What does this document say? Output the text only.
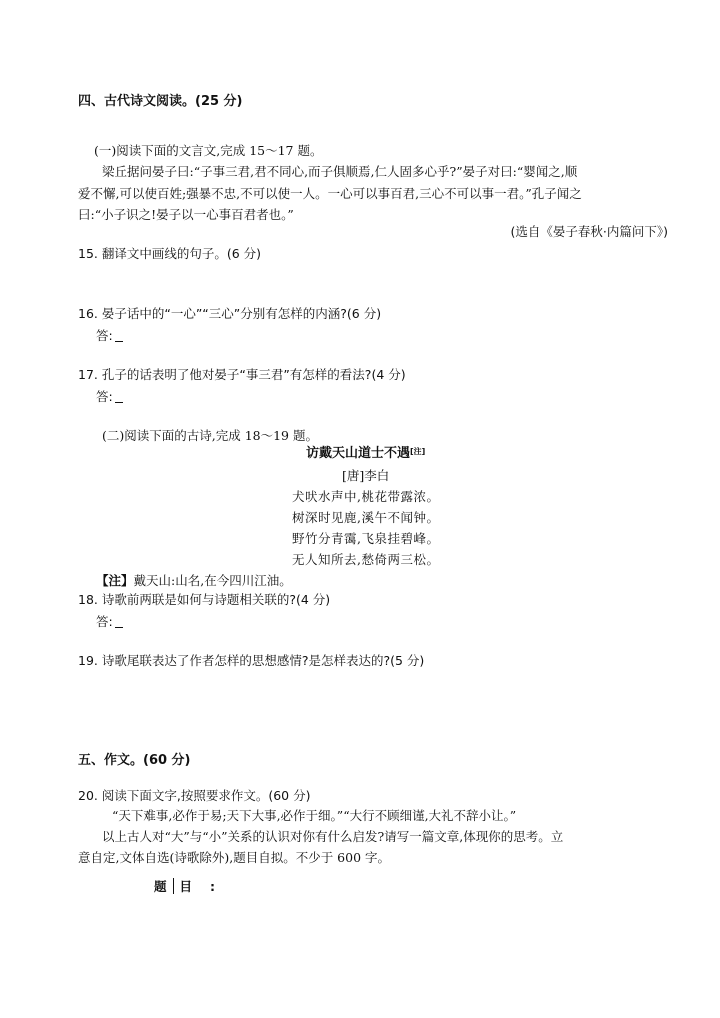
四、古代诗文阅读。(25 分)
(一)阅读下面的文言文,完成 15～17 题。
梁丘据问晏子曰:“子事三君,君不同心,而子俱顺焉,仁人固多心乎?”晏子对曰:“婴闻之,顺
爱不懈,可以使百姓;强暴不忠,不可以使一人。一心可以事百君,三心不可以事一君。”孔子闻之
曰:“小子识之!晏子以一心事百君者也。”
(选自《晏子春秋·内篇问下》)
15. 翻译文中画线的句子。(6 分)
16. 晏子话中的“一心”“三心”分别有怎样的内涵?(6 分)
答:
17. 孔子的话表明了他对晏子“事三君”有怎样的看法?(4 分)
答:
(二)阅读下面的古诗,完成 18～19 题。
访戴天山道士不遇[注]
[唐]李白
犬吠水声中,桃花带露浓。
树深时见鹿,溪午不闻钟。
野竹分青霭,飞泉挂碧峰。
无人知所去,愁倚两三松。
【注】戴天山:山名,在今四川江油。
18. 诗歌前两联是如何与诗题相关联的?(4 分)
答:
19. 诗歌尾联表达了作者怎样的思想感情?是怎样表达的?(5 分)
五、作文。(60 分)
20. 阅读下面文字,按照要求作文。(60 分)
“天下难事,必作于易;天下大事,必作于细。”“大行不顾细谨,大礼不辞小让。”
以上古人对“大”与“小”关系的认识对你有什么启发?请写一篇文章,体现你的思考。立
意自定,文体自选(诗歌除外),题目自拟。不少于 600 字。
题 目 :
